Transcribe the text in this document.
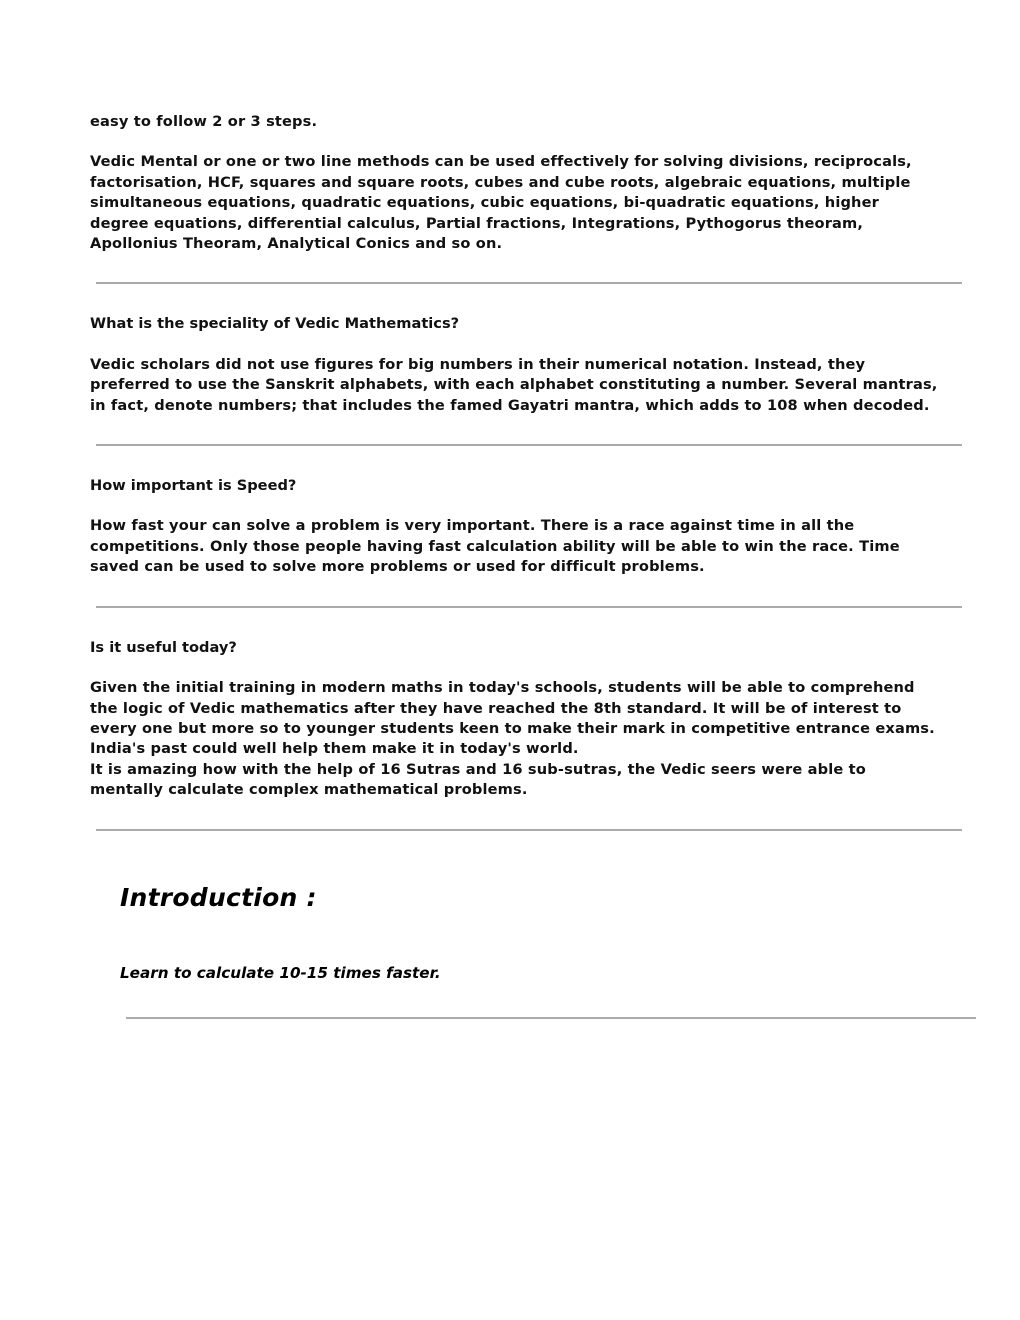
easy to follow 2 or 3 steps.

Vedic Mental or one or two line methods can be used effectively for solving divisions, reciprocals, factorisation, HCF, squares and square roots, cubes and cube roots, algebraic equations, multiple simultaneous equations, quadratic equations, cubic equations, bi-quadratic equations, higher degree equations, differential calculus, Partial fractions, Integrations, Pythogorus theoram, Apollonius Theoram, Analytical Conics and so on.

What is the speciality of Vedic Mathematics?

Vedic scholars did not use figures for big numbers in their numerical notation. Instead, they preferred to use the Sanskrit alphabets, with each alphabet constituting a number. Several mantras, in fact, denote numbers; that includes the famed Gayatri mantra, which adds to 108 when decoded.

How important is Speed?

How fast your can solve a problem is very important. There is a race against time in all the competitions. Only those people having fast calculation ability will be able to win the race. Time saved can be used to solve more problems or used for difficult problems.

Is it useful today?

Given the initial training in modern maths in today's schools, students will be able to comprehend the logic of Vedic mathematics after they have reached the 8th standard. It will be of interest to every one but more so to younger students keen to make their mark in competitive entrance exams.

India's past could well help them make it in today's world.

It is amazing how with the help of 16 Sutras and 16 sub-sutras, the Vedic seers were able to mentally calculate complex mathematical problems.

Introduction :

Learn to calculate 10-15 times faster.
